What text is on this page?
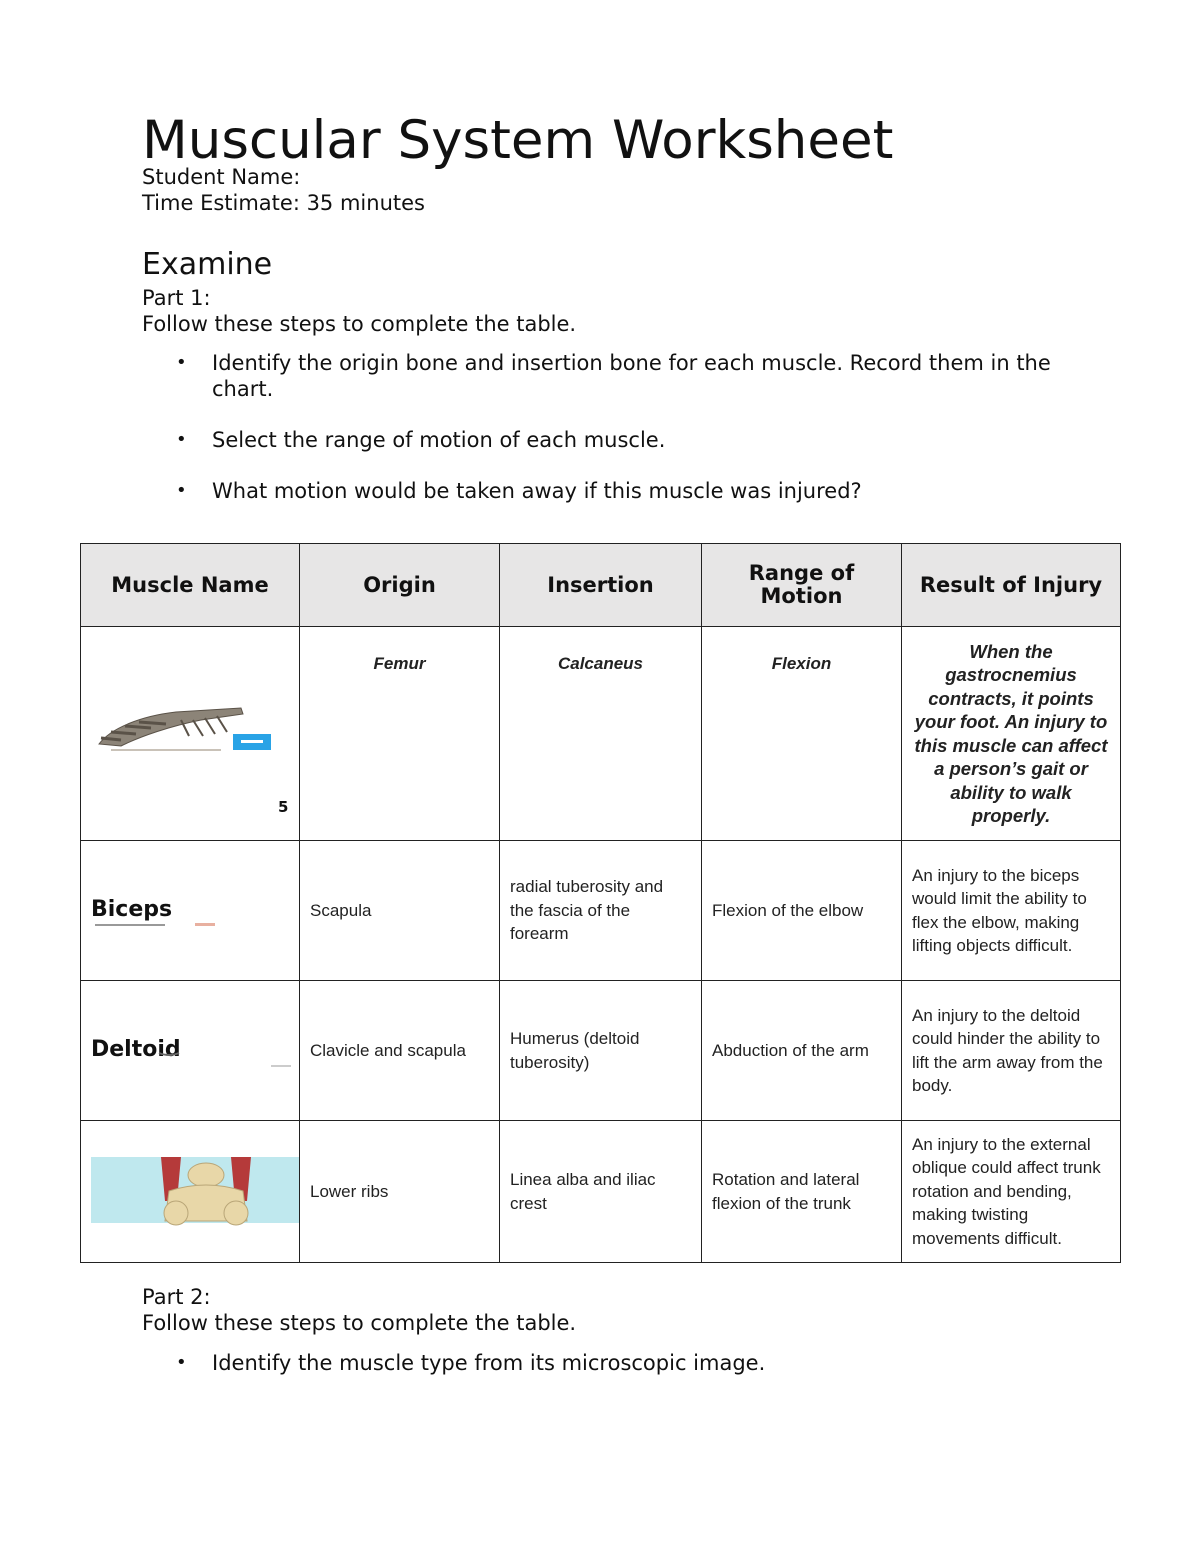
Muscular System Worksheet
Student Name:
Time Estimate: 35 minutes
Examine
Part 1:
Follow these steps to complete the table.
• Identify the origin bone and insertion bone for each muscle. Record them in the chart.
• Select the range of motion of each muscle.
• What motion would be taken away if this muscle was injured?
Muscle Name	Origin	Insertion	Range of Motion	Result of Injury

5	Femur	Calcaneus	Flexion	When the gastrocnemius contracts, it points your foot. An injury to this muscle can affect a person’s gait or ability to walk properly.
Biceps	Scapula	radial tuberosity and the fascia of the forearm	Flexion of the elbow	An injury to the biceps would limit the ability to flex the elbow, making lifting objects difficult.
Deltoid	Clavicle and scapula	Humerus (deltoid tuberosity)	Abduction of the arm	An injury to the deltoid could hinder the ability to lift the arm away from the body.

	Lower ribs	Linea alba and iliac crest	Rotation and lateral flexion of the trunk	An injury to the external oblique could affect trunk rotation and bending, making twisting movements difficult.
Part 2:
Follow these steps to complete the table.
• Identify the muscle type from its microscopic image.
